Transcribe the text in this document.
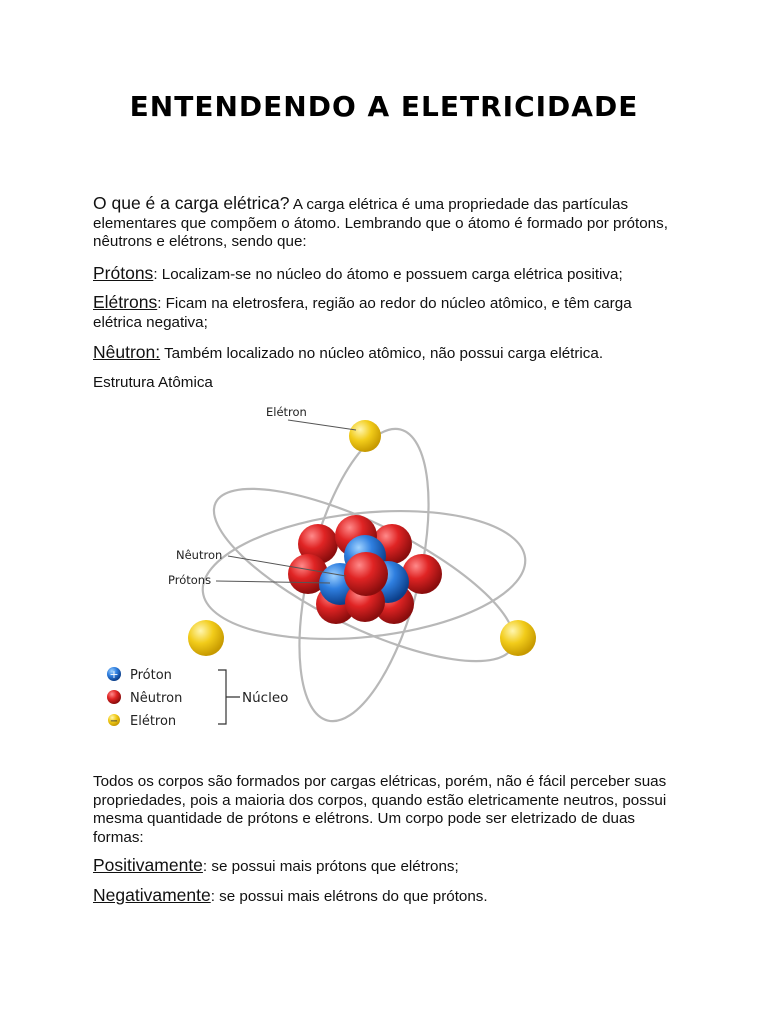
ENTENDENDO A ELETRICIDADE

O que é a carga elétrica? A carga elétrica é uma propriedade das partículas elementares que compõem o átomo. Lembrando que o átomo é formado por prótons, nêutrons e elétrons, sendo que:

Prótons: Localizam-se no núcleo do átomo e possuem carga elétrica positiva;

Elétrons: Ficam na eletrosfera, região ao redor do núcleo atômico, e têm carga elétrica negativa;

Nêutron: Também localizado no núcleo atômico, não possui carga elétrica.

Estrutura Atômica

Elétron
Nêutron
Prótons
+ Próton
Nêutron
− Elétron
Núcleo

Todos os corpos são formados por cargas elétricas, porém, não é fácil perceber suas propriedades, pois a maioria dos corpos, quando estão eletricamente neutros, possui mesma quantidade de prótons e elétrons. Um corpo pode ser eletrizado de duas formas:

Positivamente: se possui mais prótons que elétrons;

Negativamente: se possui mais elétrons do que prótons.
